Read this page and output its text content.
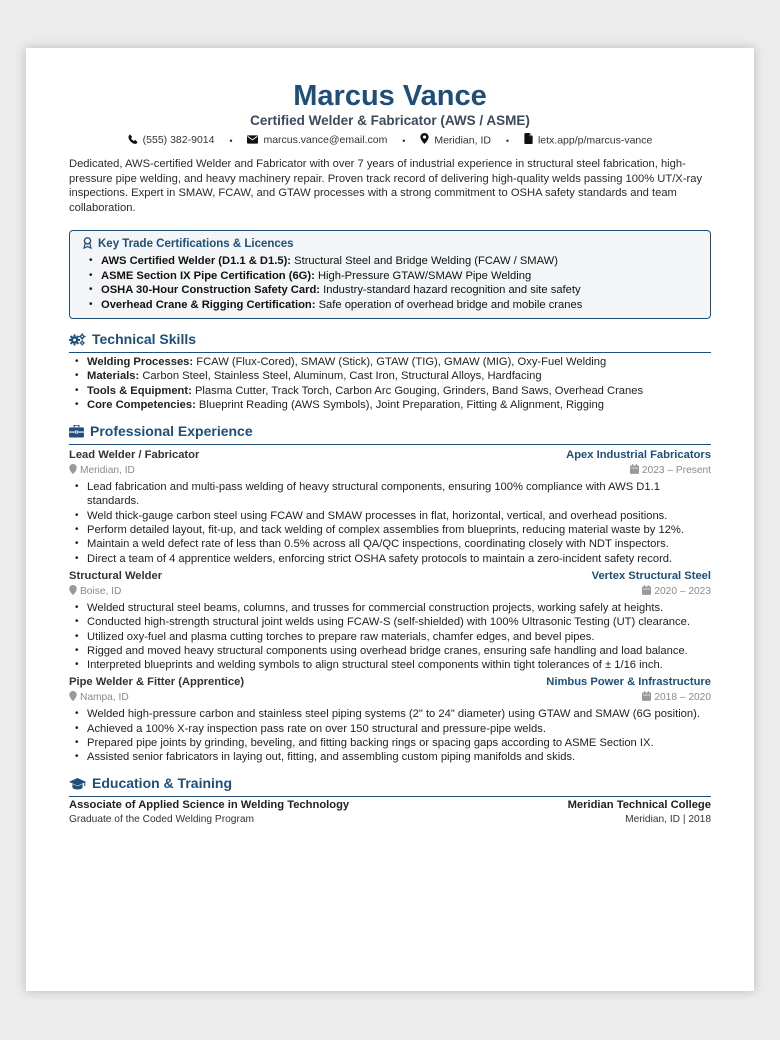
Marcus Vance
Certified Welder & Fabricator (AWS / ASME)
(555) 382-9014 •	marcus.vance@email.com •	Meridian, ID •	letx.app/p/marcus-vance
Dedicated, AWS-certified Welder and Fabricator with over 7 years of industrial experience in structural steel fabrication, high-pressure pipe welding, and heavy machinery repair. Proven track record of delivering high-quality welds passing 100% UT/X-ray inspections. Expert in SMAW, FCAW, and GTAW processes with a strong commitment to OSHA safety standards and team collaboration.
Key Trade Certifications & Licences
• AWS Certified Welder (D1.1 & D1.5): Structural Steel and Bridge Welding (FCAW / SMAW)
• ASME Section IX Pipe Certification (6G): High-Pressure GTAW/SMAW Pipe Welding
• OSHA 30-Hour Construction Safety Card: Industry-standard hazard recognition and site safety
• Overhead Crane & Rigging Certification: Safe operation of overhead bridge and mobile cranes
Technical Skills
• Welding Processes: FCAW (Flux-Cored), SMAW (Stick), GTAW (TIG), GMAW (MIG), Oxy-Fuel Welding
• Materials: Carbon Steel, Stainless Steel, Aluminum, Cast Iron, Structural Alloys, Hardfacing
• Tools & Equipment: Plasma Cutter, Track Torch, Carbon Arc Gouging, Grinders, Band Saws, Overhead Cranes
• Core Competencies: Blueprint Reading (AWS Symbols), Joint Preparation, Fitting & Alignment, Rigging
Professional Experience
Lead Welder / Fabricator	Apex Industrial Fabricators
Meridian, ID	2023 – Present
• Lead fabrication and multi-pass welding of heavy structural components, ensuring 100% compliance with AWS D1.1 standards.
• Weld thick-gauge carbon steel using FCAW and SMAW processes in flat, horizontal, vertical, and overhead positions.
• Perform detailed layout, fit-up, and tack welding of complex assemblies from blueprints, reducing material waste by 12%.
• Maintain a weld defect rate of less than 0.5% across all QA/QC inspections, coordinating closely with NDT inspectors.
• Direct a team of 4 apprentice welders, enforcing strict OSHA safety protocols to maintain a zero-incident safety record.
Structural Welder	Vertex Structural Steel
Boise, ID	2020 – 2023
• Welded structural steel beams, columns, and trusses for commercial construction projects, working safely at heights.
• Conducted high-strength structural joint welds using FCAW-S (self-shielded) with 100% Ultrasonic Testing (UT) clearance.
• Utilized oxy-fuel and plasma cutting torches to prepare raw materials, chamfer edges, and bevel pipes.
• Rigged and moved heavy structural components using overhead bridge cranes, ensuring safe handling and load balance.
• Interpreted blueprints and welding symbols to align structural steel components within tight tolerances of ± 1/16 inch.
Pipe Welder & Fitter (Apprentice)	Nimbus Power & Infrastructure
Nampa, ID	2018 – 2020
• Welded high-pressure carbon and stainless steel piping systems (2" to 24" diameter) using GTAW and SMAW (6G position).
• Achieved a 100% X-ray inspection pass rate on over 150 structural and pressure-pipe welds.
• Prepared pipe joints by grinding, beveling, and fitting backing rings or spacing gaps according to ASME Section IX.
• Assisted senior fabricators in laying out, fitting, and assembling custom piping manifolds and skids.
Education & Training
Associate of Applied Science in Welding Technology	Meridian Technical College
Graduate of the Coded Welding Program	Meridian, ID | 2018
